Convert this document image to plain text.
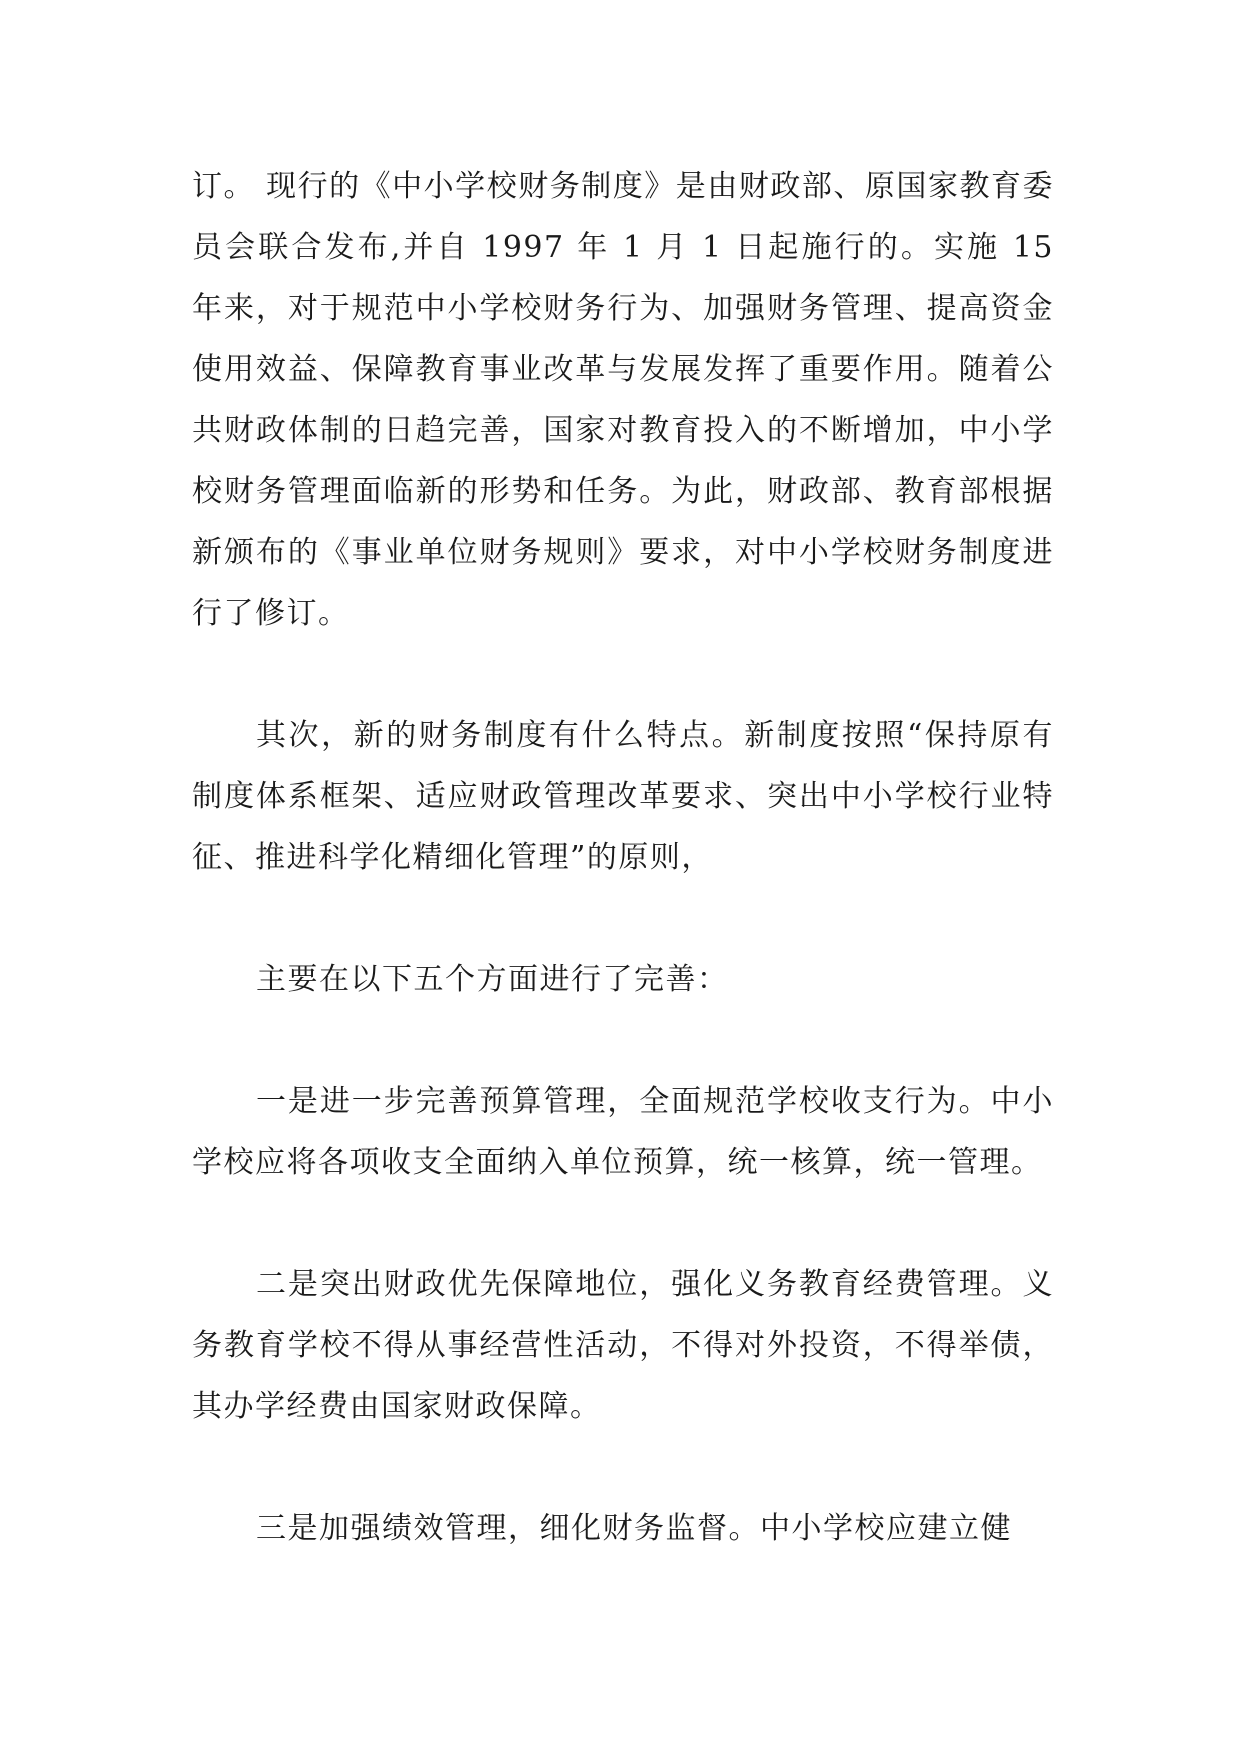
订。 现行的《中小学校财务制度》是由财政部、原国家教育委员会联合发布,并自 1997 年 1 月 1 日起施行的。实施 15 年来，对于规范中小学校财务行为、加强财务管理、提高资金使用效益、保障教育事业改革与发展发挥了重要作用。随着公共财政体制的日趋完善，国家对教育投入的不断增加，中小学校财务管理面临新的形势和任务。为此，财政部、教育部根据新颁布的《事业单位财务规则》要求，对中小学校财务制度进行了修订。

其次，新的财务制度有什么特点。新制度按照“保持原有制度体系框架、适应财政管理改革要求、突出中小学校行业特征、推进科学化精细化管理”的原则，

主要在以下五个方面进行了完善：

一是进一步完善预算管理，全面规范学校收支行为。中小学校应将各项收支全面纳入单位预算，统一核算，统一管理。

二是突出财政优先保障地位，强化义务教育经费管理。义务教育学校不得从事经营性活动，不得对外投资，不得举债，其办学经费由国家财政保障。

三是加强绩效管理，细化财务监督。中小学校应建立健
